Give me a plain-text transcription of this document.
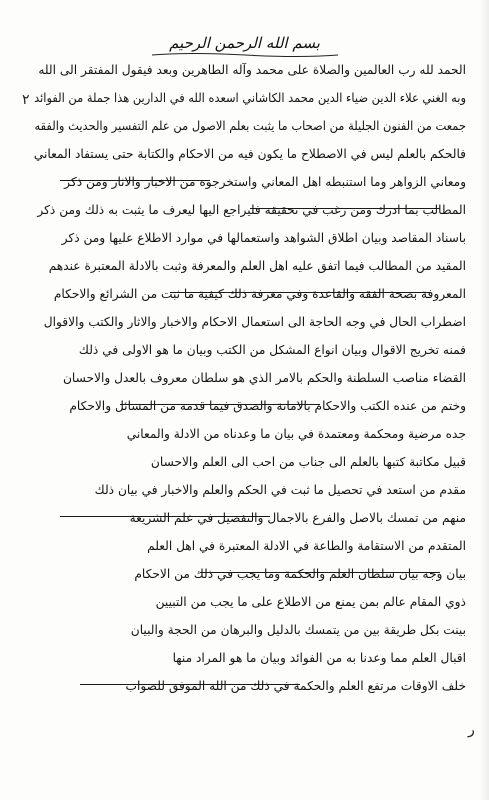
بسم الله الرحمن الرحيم
الحمد لله رب العالمين والصلاة على محمد وآله الطاهرين وبعد فيقول المفتقر الى الله
وبه الغني علاء الدين ضياء الدين محمد الكاشاني اسعده الله في الدارين هذا جملة من الفوائد
جمعت من الفنون الجليلة من اصحاب ما يثبت بعلم الاصول من علم التفسير والحديث والفقه
فالحكم بالعلم ليس في الاصطلاح ما يكون فيه من الاحكام والكتابة حتى يستفاد المعاني
ومعاني الزواهر وما استنبطه اهل المعاني واستخرجوه من الاخبار والاثار ومن ذكر
المطالب بما ادرك ومن رغب في تحقيقه فليراجع اليها ليعرف ما يثبت به ذلك ومن ذكر
باسناد المقاصد وبيان اطلاق الشواهد واستعمالها في موارد الاطلاع عليها ومن ذكر
المقيد من المطالب فيما اتفق عليه اهل العلم والمعرفة وثبت بالادلة المعتبرة عندهم
المعروفة بصحة الفقه والقاعدة وفي معرفة ذلك كيفية ما ثبت من الشرائع والاحكام
اضطراب الحال في وجه الحاجة الى استعمال الاحكام والاخبار والاثار والكتب والاقوال
فمنه تخريج الاقوال وبيان انواع المشكل من الكتب وبيان ما هو الاولى في ذلك
القضاء مناصب السلطنة والحكم بالامر الذي هو سلطان معروف بالعدل والاحسان
وختم من عنده الكتب والاحكام بالامانة والصدق فيما قدمه من المسائل والاحكام
جده مرضية ومحكمة ومعتمدة في بيان ما وعدناه من الادلة والمعاني
قبيل مكاتبة كتبها بالعلم الى جناب من احب الى العلم والاحسان
مقدم من استعد في تحصيل ما ثبت في الحكم والعلم والاخبار في بيان ذلك
منهم من تمسك بالاصل والفرع بالاجمال والتفصيل في علم الشريعة
المتقدم من الاستقامة والطاعة في الادلة المعتبرة في اهل العلم
بيان وجه بيان سلطان العلم والحكمة وما يجب في ذلك من الاحكام
ذوي المقام عالم بمن يمنع من الاطلاع على ما يجب من التبيين
بينت بكل طريقة بين من يتمسك بالدليل والبرهان من الحجة والبيان
اقبال العلم مما وعدنا به من الفوائد وبيان ما هو المراد منها
خلف الاوقات مرتفع العلم والحكمة في ذلك من الله الموفق للصواب
۲
ر
